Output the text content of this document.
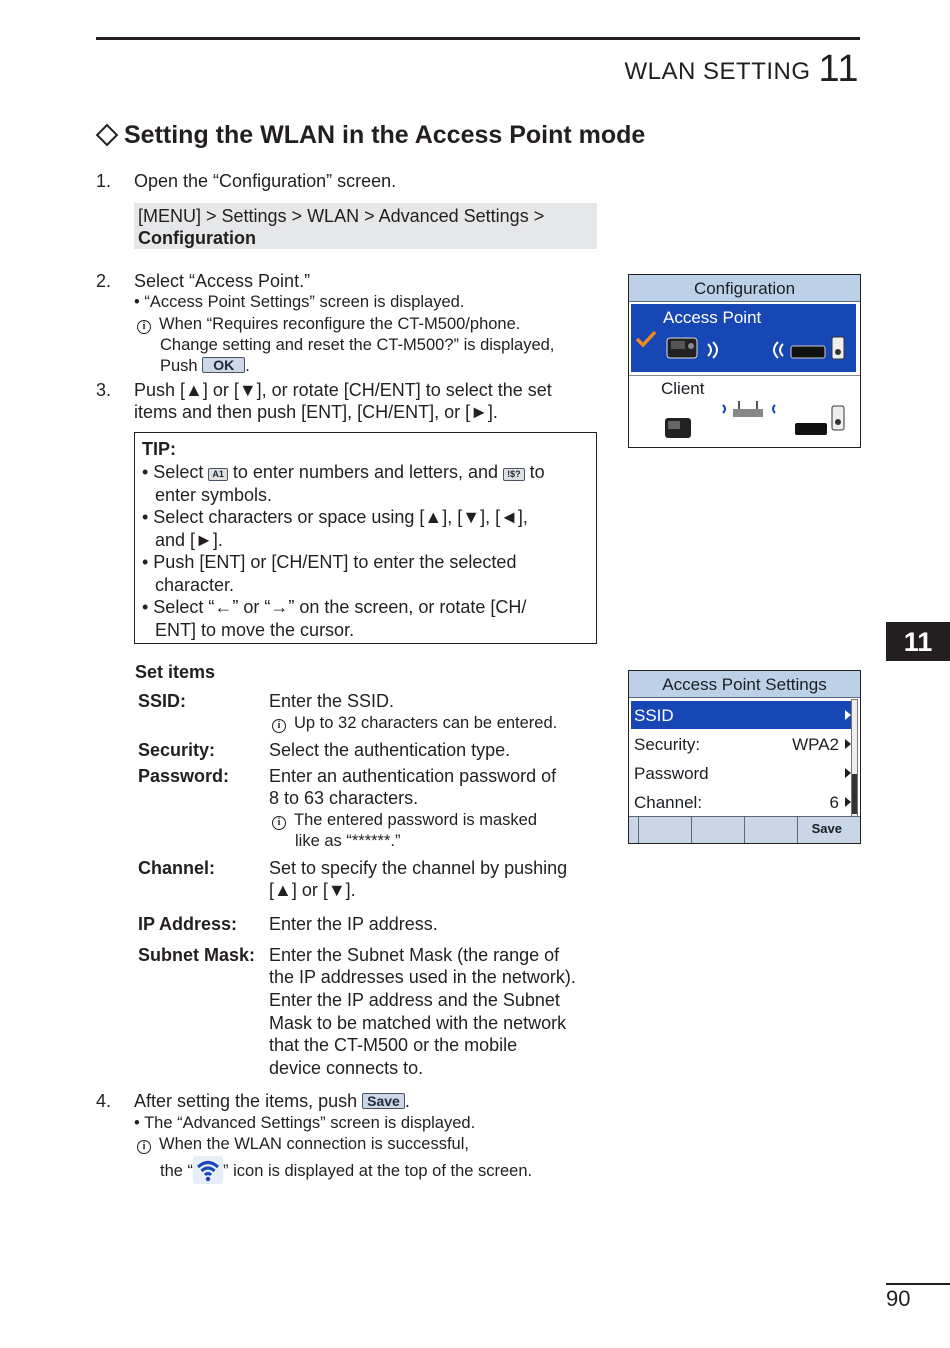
WLAN SETTING 11
Setting the WLAN in the Access Point mode
1. Open the “Configuration” screen.
[MENU] > Settings > WLAN > Advanced Settings >
Configuration
2. Select “Access Point.”
• “Access Point Settings” screen is displayed.
i When “Requires reconfigure the CT-M500/phone.
Change setting and reset the CT-M500?” is displayed,
Push OK .
3. Push [▲] or [▼], or rotate [CH/ENT] to select the set
items and then push [ENT], [CH/ENT], or [►].
TIP:
• Select A1 to enter numbers and letters, and !$? to
enter symbols.
• Select characters or space using [▲], [▼], [◄],
and [►].
• Push [ENT] or [CH/ENT] to enter the selected
character.
• Select “←” or “→” on the screen, or rotate [CH/
ENT] to move the cursor.
Set items
SSID:	Enter the SSID.
i Up to 32 characters can be entered.
Security:	Select the authentication type.
Password: Enter an authentication password of
8 to 63 characters.
i The entered password is masked
like as “******.”
Channel:	Set to specify the channel by pushing
[▲] or [▼].
IP Address: Enter the IP address.
Subnet Mask: Enter the Subnet Mask (the range of
the IP addresses used in the network).
Enter the IP address and the Subnet
Mask to be matched with the network
that the CT-M500 or the mobile
device connects to.
4. After setting the items, push Save .
• The “Advanced Settings” screen is displayed.
i When the WLAN connection is successful,
the “ ” icon is displayed at the top of the screen.
Configuration
Access Point
Client
Access Point Settings
SSID
Security:	WPA2
Password
Channel:	6
Save
11
90
